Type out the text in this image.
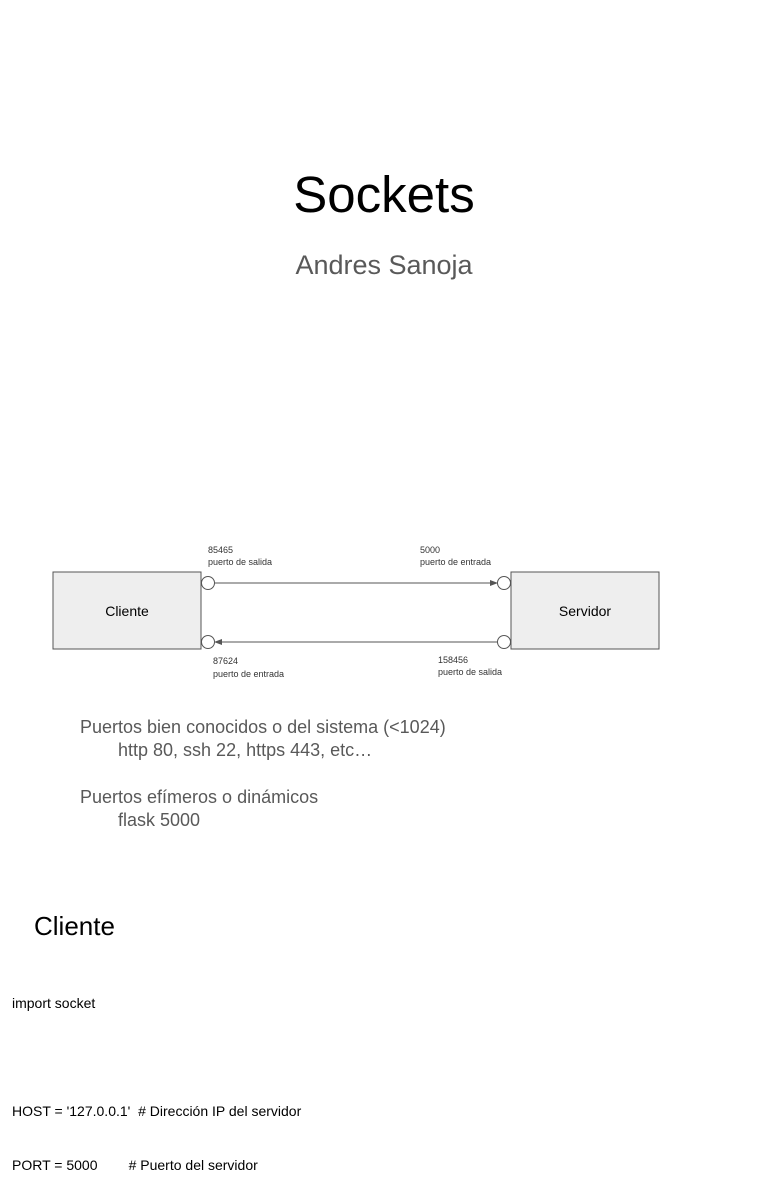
Sockets
Andres Sanoja
Cliente	Servidor
85465
puerto de salida
5000
puerto de entrada
87624
puerto de entrada
158456
puerto de salida
Puertos bien conocidos o del sistema (<1024)
http 80, ssh 22, https 443, etc…
Puertos efímeros o dinámicos
flask 5000
Cliente

import socket

HOST = '127.0.0.1'  # Dirección IP del servidor

PORT = 5000        # Puerto del servidor
